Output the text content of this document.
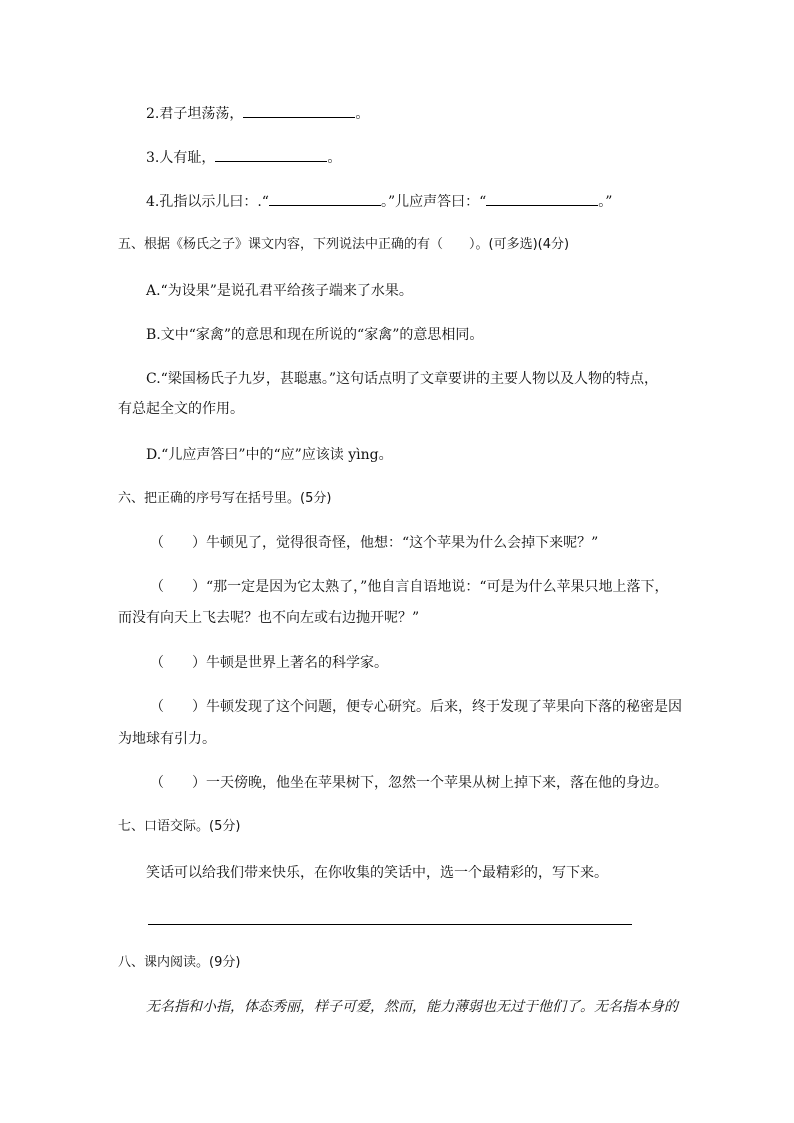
2.君子坦荡荡，	。
3.人有耻，	。
4.孔指以示儿曰：.“	。”儿应声答曰：“	。”
五、根据《杨氏之子》课文内容，下列说法中正确的有（　　）。(可多选)(4分)
A.“为设果”是说孔君平给孩子端来了水果。
B.文中“家禽”的意思和现在所说的“家禽”的意思相同。
C.“梁国杨氏子九岁，甚聪惠。”这句话点明了文章要讲的主要人物以及人物的特点，
有总起全文的作用。
D.“儿应声答曰”中的“应”应该读 yìng。
六、把正确的序号写在括号里。(5分)
（　　）牛顿见了，觉得很奇怪，他想：“这个苹果为什么会掉下来呢？”
（　　）“那一定是因为它太熟了，”他自言自语地说：“可是为什么苹果只地上落下，
而没有向天上飞去呢？也不向左或右边抛开呢？”
（　　）牛顿是世界上著名的科学家。
（　　）牛顿发现了这个问题，便专心研究。后来，终于发现了苹果向下落的秘密是因
为地球有引力。
（　　）一天傍晚，他坐在苹果树下，忽然一个苹果从树上掉下来，落在他的身边。
七、口语交际。(5分)
笑话可以给我们带来快乐，在你收集的笑话中，选一个最精彩的，写下来。
八、课内阅读。(9分)
无名指和小指，体态秀丽，样子可爱，然而，能力薄弱也无过于他们了。无名指本身的
